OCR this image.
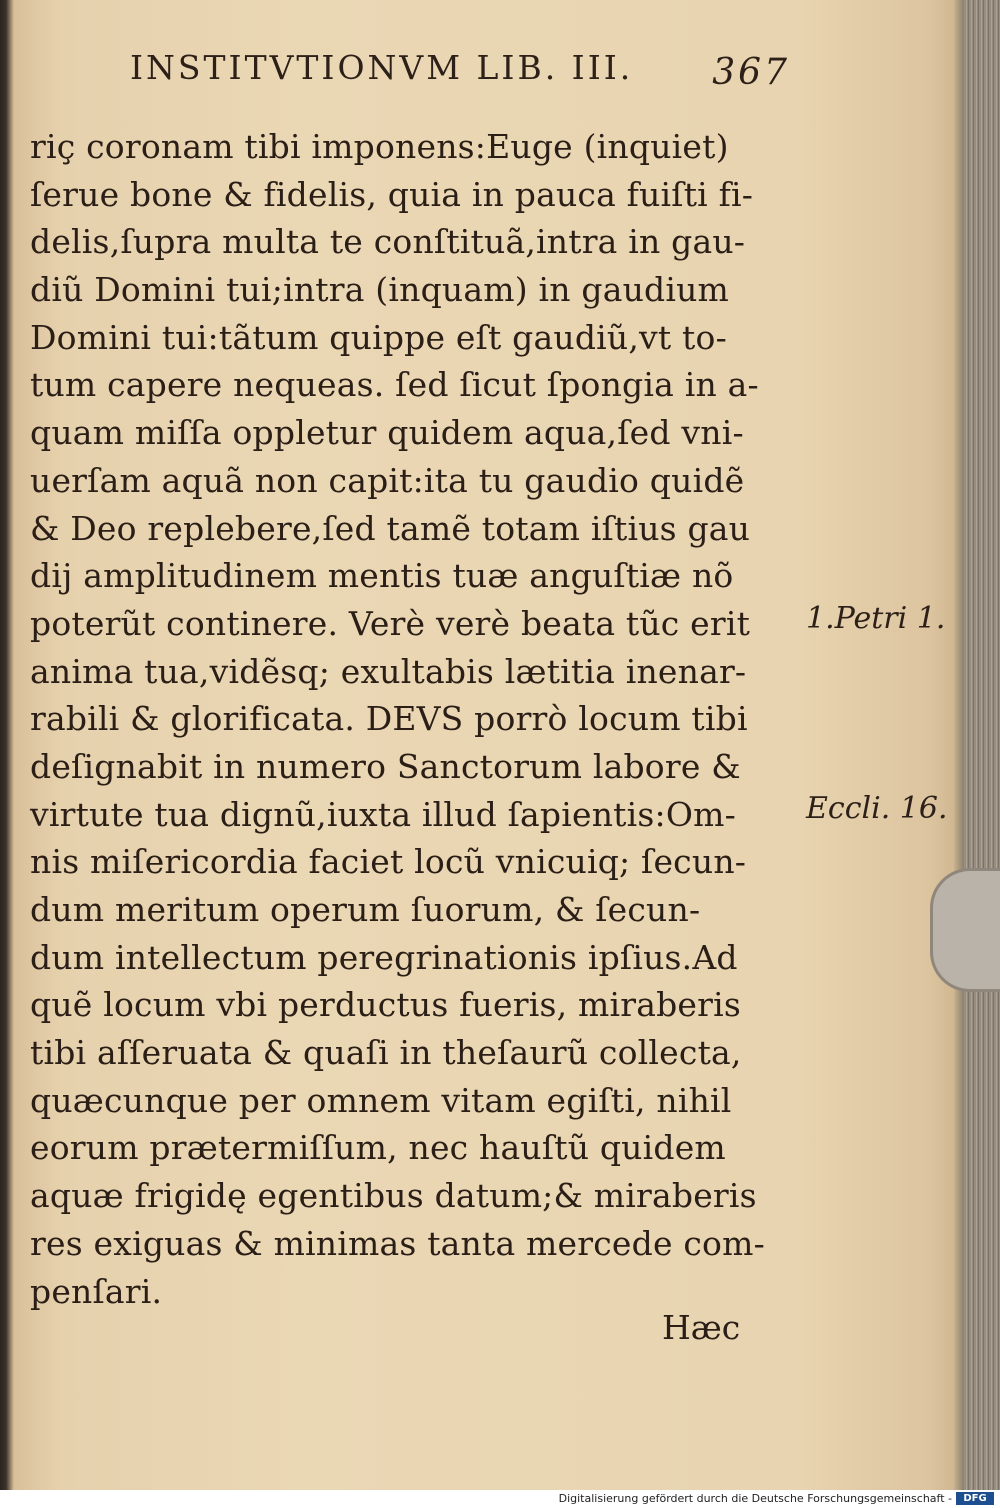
INSTITVTIONVM LIB. III. 367
riç coronam tibi imponens:Euge (inquiet)
ſerue bone & fidelis, quia in pauca fuiſti fi-
delis,ſupra multa te conſtituã,intra in gau-
diũ Domini tui;intra (inquam) in gaudium
Domini tui:tãtum quippe eſt gaudiũ,vt to-
tum capere nequeas. ſed ſicut ſpongia in a-
quam miſſa oppletur quidem aqua,ſed vni-
uerſam aquã non capit:ita tu gaudio quidẽ
& Deo replebere,ſed tamẽ totam iſtius gau
dij amplitudinem mentis tuæ anguſtiæ nõ
poterũt continere. Verè verè beata tũc erit
anima tua,vidẽsq; exultabis lætitia inenar-
rabili & glorificata. DEVS porrò locum tibi
deſignabit in numero Sanctorum labore &
virtute tua dignũ,iuxta illud ſapientis:Om-
nis miſericordia faciet locũ vnicuiq; ſecun-
dum meritum operum ſuorum, & ſecun-
dum intellectum peregrinationis ipſius.Ad
quẽ locum vbi perductus fueris, miraberis
tibi aſſeruata & quaſi in theſaurũ collecta,
quæcunque per omnem vitam egiſti, nihil
eorum prætermiſſum, nec hauſtũ quidem
aquæ frigidę egentibus datum;& miraberis
res exiguas & minimas tanta mercede com-
penſari.
1.Petri 1.
Eccli. 16.
Hæc
Digitalisierung gefördert durch die Deutsche Forschungsgemeinschaft -	DFG
